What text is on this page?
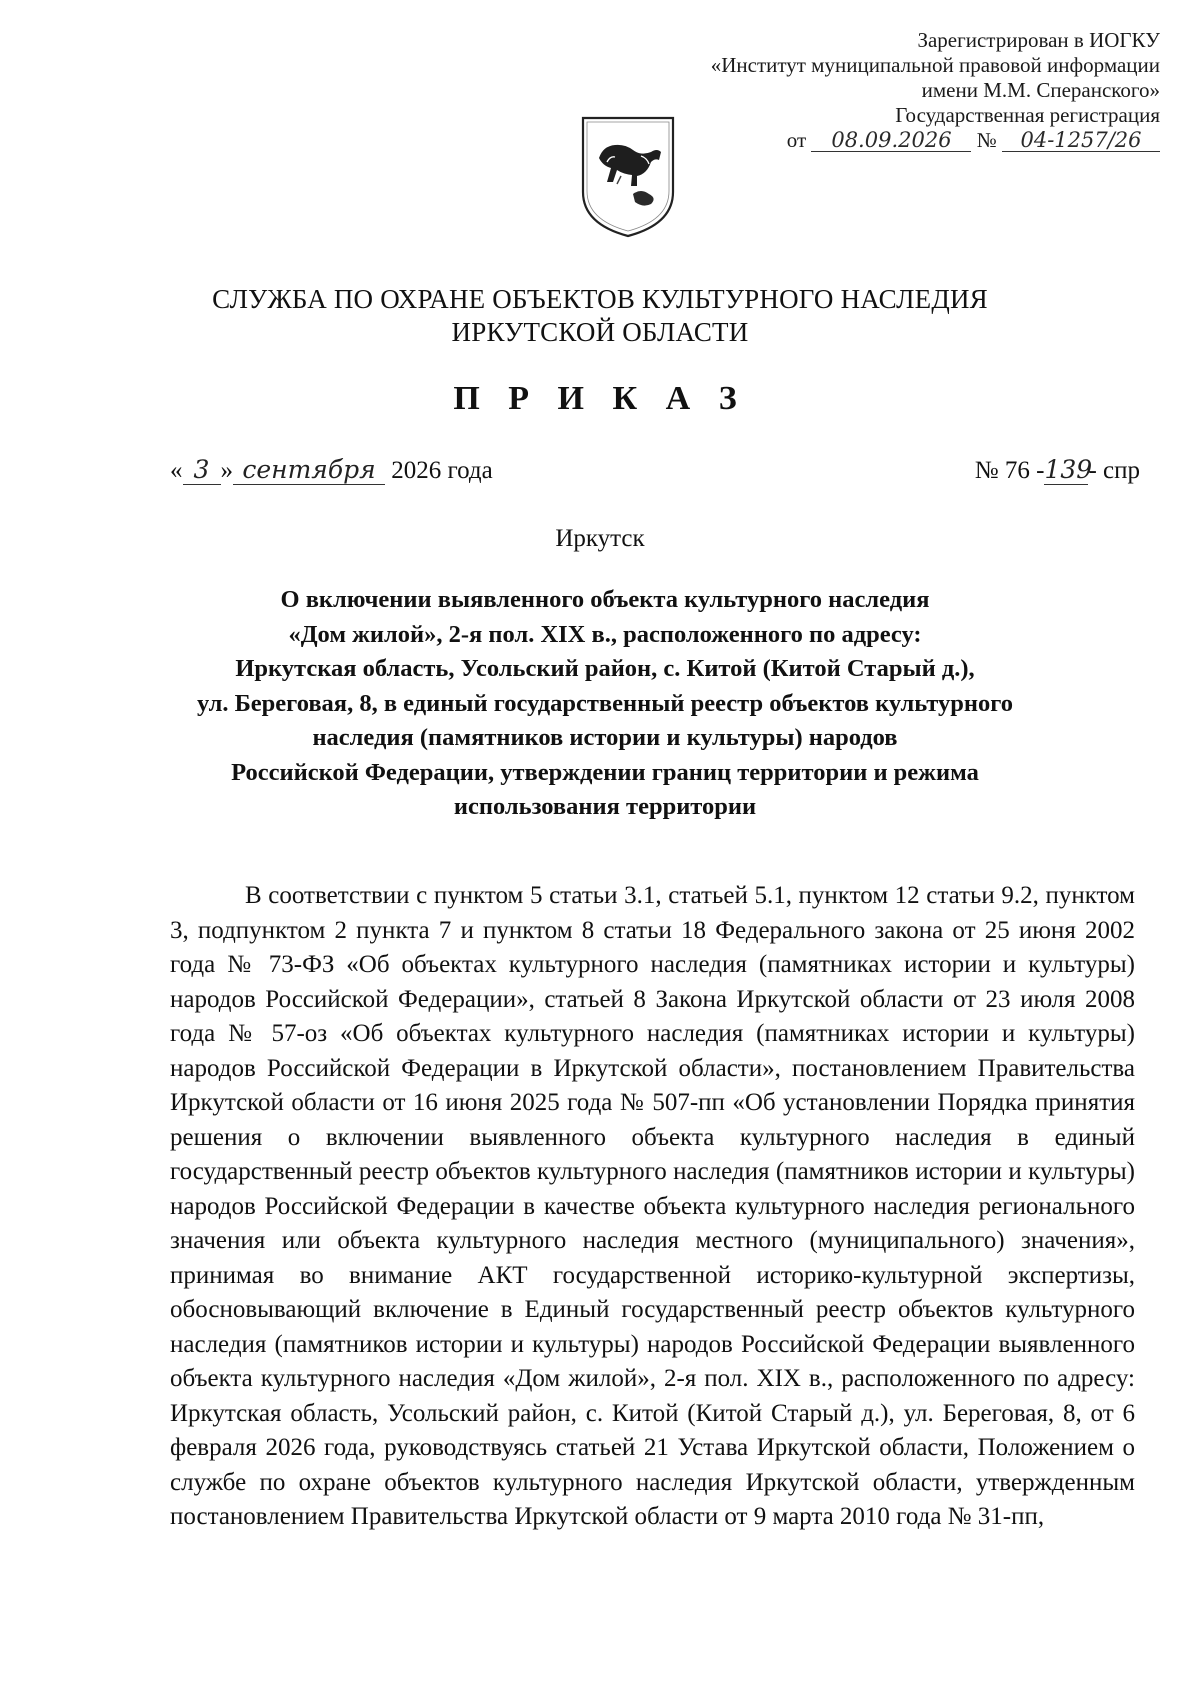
Зарегистрирован в ИОГКУ
«Институт муниципальной правовой информации
имени М.М. Сперанского»
Государственная регистрация
от 08.09.2026 № 04-1257/26
СЛУЖБА ПО ОХРАНЕ ОБЪЕКТОВ КУЛЬТУРНОГО НАСЛЕДИЯ
ИРКУТСКОЙ ОБЛАСТИ
П Р И К А З
« 3 » сентября 2026 года	№ 76 -139- спр
Иркутск
О включении выявленного объекта культурного наследия
«Дом жилой», 2-я пол. XIX в., расположенного по адресу:
Иркутская область, Усольский район, с. Китой (Китой Старый д.),
ул. Береговая, 8, в единый государственный реестр объектов культурного
наследия (памятников истории и культуры) народов
Российской Федерации, утверждении границ территории и режима
использования территории

В соответствии с пунктом 5 статьи 3.1, статьей 5.1, пунктом 12 статьи 9.2, пунктом 3, подпунктом 2 пункта 7 и пунктом 8 статьи 18 Федерального закона от 25 июня 2002 года № 73-ФЗ «Об объектах культурного наследия (памятниках истории и культуры) народов Российской Федерации», статьей 8 Закона Иркутской области от 23 июля 2008 года № 57-оз «Об объектах культурного наследия (памятниках истории и культуры) народов Российской Федерации в Иркутской области», постановлением Правительства Иркутской области от 16 июня 2025 года № 507-пп «Об установлении Порядка принятия решения о включении выявленного объекта культурного наследия в единый государственный реестр объектов культурного наследия (памятников истории и культуры) народов Российской Федерации в качестве объекта культурного наследия регионального значения или объекта культурного наследия местного (муниципального) значения», принимая во внимание АКТ государственной историко-культурной экспертизы, обосновывающий включение в Единый государственный реестр объектов культурного наследия (памятников истории и культуры) народов Российской Федерации выявленного объекта культурного наследия «Дом жилой», 2-я пол. XIX в., расположенного по адресу: Иркутская область, Усольский район, с. Китой (Китой Старый д.), ул. Береговая, 8, от 6 февраля 2026 года, руководствуясь статьей 21 Устава Иркутской области, Положением о службе по охране объектов культурного наследия Иркутской области, утвержденным постановлением Правительства Иркутской области от 9 марта 2010 года № 31-пп,
